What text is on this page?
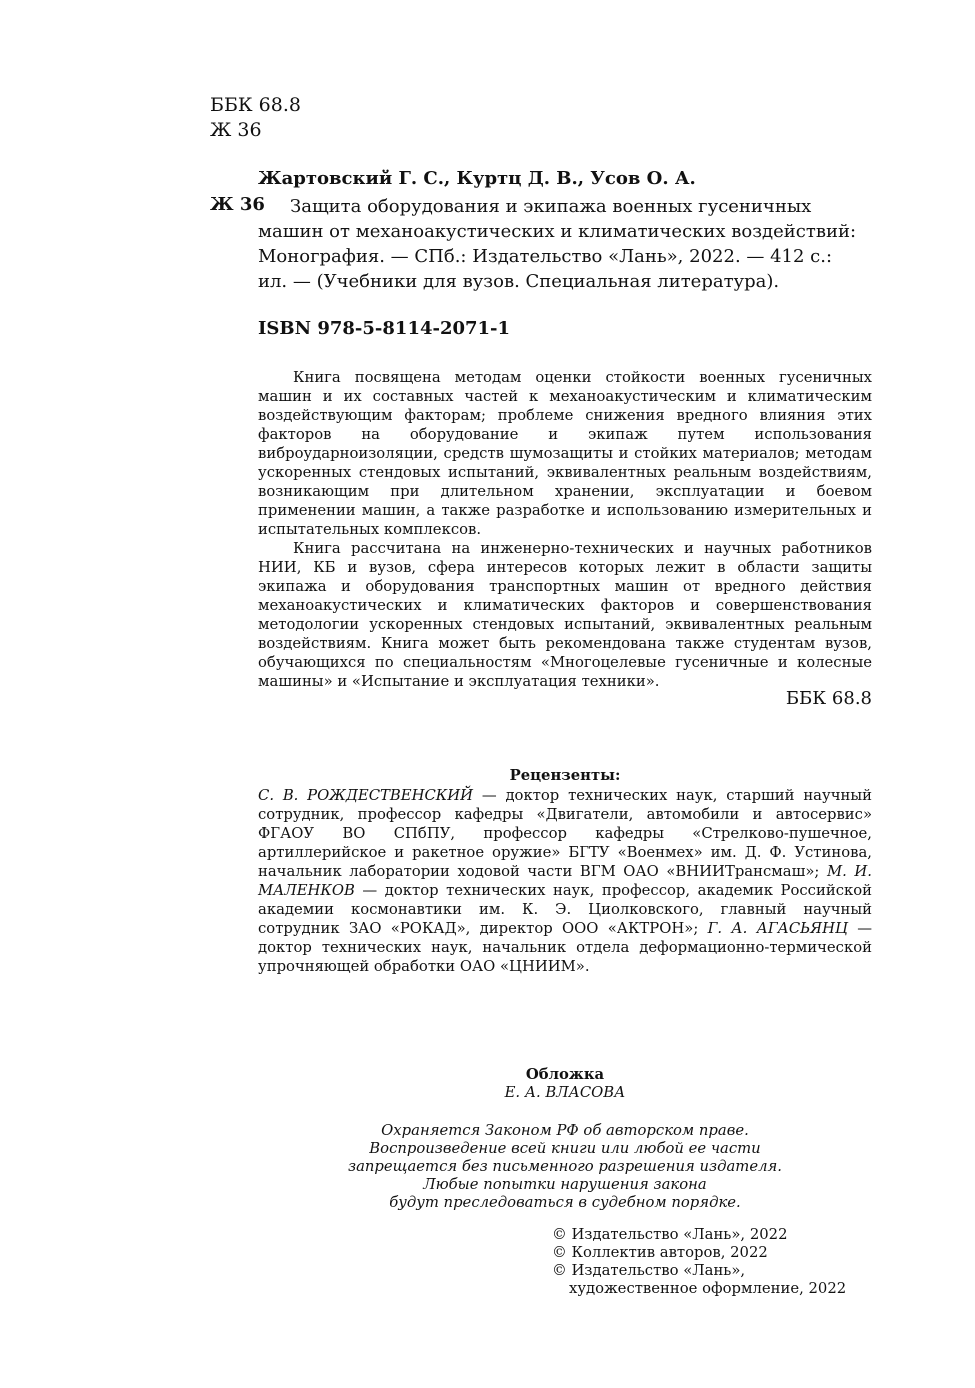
ББК 68.8
Ж 36
Жартовский Г. С., Куртц Д. В., Усов О. А.
Ж 36	Защита оборудования и экипажа военных гусеничных
машин от механоакустических и климатических воздействий:
Монография. — СПб.: Издательство «Лань», 2022. — 412 с.:
ил. — (Учебники для вузов. Специальная литература).
ISBN 978-5-8114-2071-1

Книга посвящена методам оценки стойкости военных гусеничных машин и их составных частей к механоакустическим и климатическим воздействующим факторам; проблеме снижения вредного влияния этих факторов на оборудование и экипаж путем использования виброударноизоляции, средств шумозащиты и стойких материалов; методам ускоренных стендовых испытаний, эквивалентных реальным воздействиям, возникающим при длительном хранении, эксплуатации и боевом применении машин, а также разработке и использованию измерительных и испытательных комплексов.

Книга рассчитана на инженерно-технических и научных работников НИИ, КБ и вузов, сфера интересов которых лежит в области защиты экипажа и оборудования транспортных машин от вредного действия механоакустических и климатических факторов и совершенствования методологии ускоренных стендовых испытаний, эквивалентных реальным воздействиям. Книга может быть рекомендована также студентам вузов, обучающихся по специальностям «Многоцелевые гусеничные и колесные машины» и «Испытание и эксплуатация техники».

ББК 68.8
Рецензенты:
С. В. РОЖДЕСТВЕНСКИЙ — доктор технических наук, старший научный сотрудник, профессор кафедры «Двигатели, автомобили и автосервис» ФГАОУ ВО СПбПУ, профессор кафедры «Стрелково-пушечное, артиллерийское и ракетное оружие» БГТУ «Военмех» им. Д. Ф. Устинова, начальник лаборатории ходовой части ВГМ ОАО «ВНИИТрансмаш»; М. И. МАЛЕНКОВ — доктор технических наук, профессор, академик Российской академии космонавтики им. К. Э. Циолковского, главный научный сотрудник ЗАО «РОКАД», директор ООО «АКТРОН»; Г. А. АГАСЬЯНЦ — доктор технических наук, начальник отдела деформационно-термической упрочняющей обработки ОАО «ЦНИИМ».
Обложка
Е. А. ВЛАСОВА
Охраняется Законом РФ об авторском праве.
Воспроизведение всей книги или любой ее части
запрещается без письменного разрешения издателя.
Любые попытки нарушения закона
будут преследоваться в судебном порядке.
© Издательство «Лань», 2022
© Коллектив авторов, 2022
© Издательство «Лань»,
художественное оформление, 2022
